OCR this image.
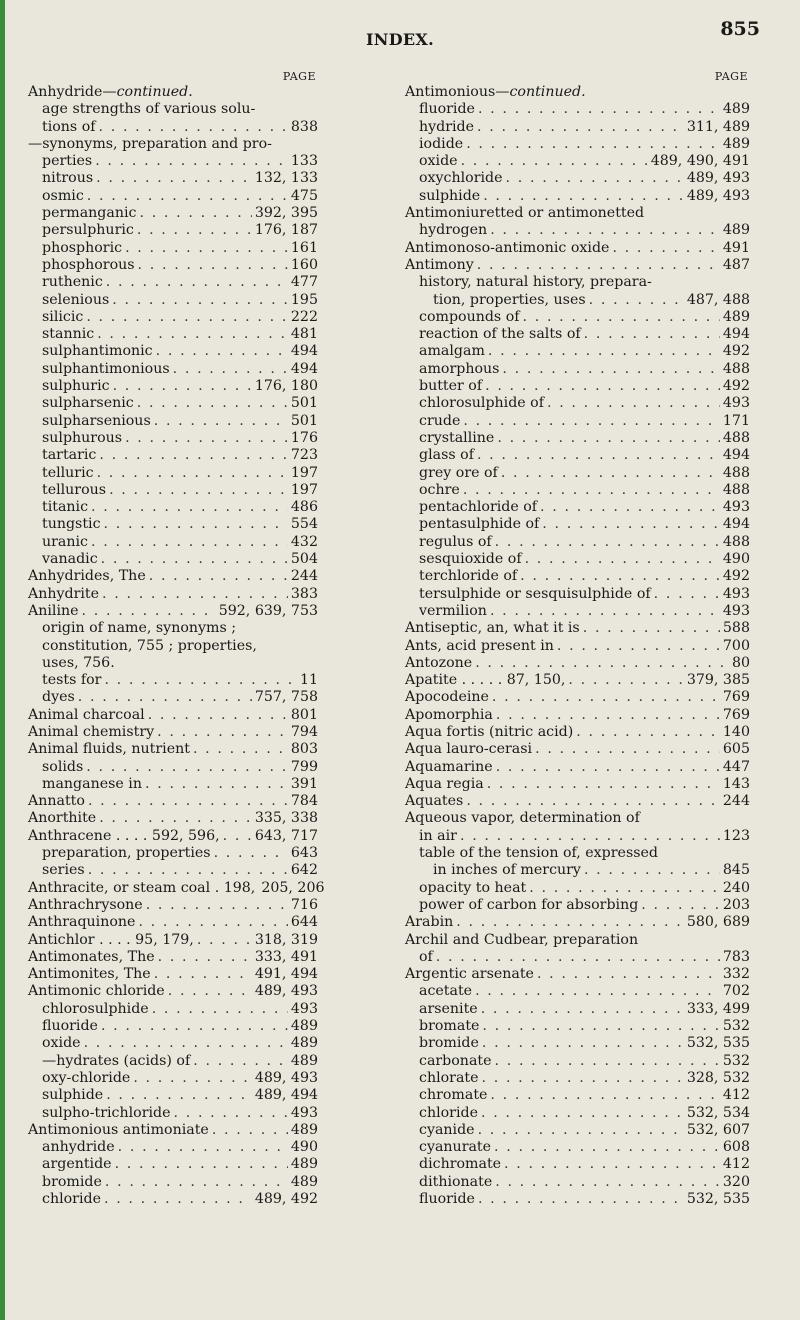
855
INDEX.
PAGE
Anhydride—continued.
age strengths of various solu-
tions of . . .	838
—synonyms, preparation and pro-
perties . . .	133
nitrous . . .	132, 133
osmic . . .	475
permanganic . . .	392, 395
persulphuric . . .	176, 187
phosphoric . . .	161
phosphorous . . .	160
ruthenic . . .	477
selenious . . .	195
silicic . . .	222
stannic . . .	481
sulphantimonic . . .	494
sulphantimonious . . .	494
sulphuric . . .	176, 180
sulpharsenic . . .	501
sulpharsenious . . .	501
sulphurous . . .	176
tartaric . . .	723
telluric . . .	197
tellurous . . .	197
titanic . . .	486
tungstic . . .	554
uranic . . .	432
vanadic . . .	504
Anhydrides, The . . .	244
Anhydrite . . .	383
Aniline . . .	592, 639, 753
origin of name, synonyms ;
constitution, 755 ; properties,
uses, 756.
tests for . . .	11
dyes . . .	757, 758
Animal charcoal . . .	801
Animal chemistry . . .	794
Animal fluids, nutrient . . .	803
solids . . .	799
manganese in . . .	391
Annatto . . .	784
Anorthite . . .	335, 338
Anthracene . . . . 592, 596, . . . 643, 717
preparation, properties . . .	643
series . . .	642
Anthracite, or steam coal . 198, 205, 206
Anthrachrysone . . .	716
Anthraquinone . . .	644
Antichlor . . . . 95, 179, . . .	318, 319
Antimonates, The . . .	333, 491
Antimonites, The . . .	491, 494
Antimonic chloride . . .	489, 493
chlorosulphide . . .	493
fluoride . . .	489
oxide . . .	489
—hydrates (acids) of . . .	489
oxy-chloride . . .	489, 493
sulphide . . .	489, 494
sulpho-trichloride . . .	493
Antimonious antimoniate . . .	489
anhydride . . .	490
argentide . . .	489
bromide . . .	489
chloride . . .	489, 492
PAGE
Antimonious—continued.
fluoride . . .	489
hydride . . .	311, 489
iodide . . .	489
oxide . . .	489, 490, 491
oxychloride . . .	489, 493
sulphide . . .	489, 493
Antimoniuretted or antimonetted
hydrogen . . .	489
Antimonoso-antimonic oxide . . .	491
Antimony . . .	487
history, natural history, prepara-
tion, properties, uses . . .	487, 488
compounds of . . .	489
reaction of the salts of . . .	494
amalgam . . .	492
amorphous . . .	488
butter of . . .	492
chlorosulphide of . . .	493
crude . . .	171
crystalline . . .	488
glass of . . .	494
grey ore of . . .	488
ochre . . .	488
pentachloride of . . .	493
pentasulphide of . . .	494
regulus of . . .	488
sesquioxide of . . .	490
terchloride of . . .	492
tersulphide or sesquisulphide of . . .	493
vermilion . . .	493
Antiseptic, an, what it is . . .	588
Ants, acid present in . . .	700
Antozone . . .	80
Apatite . . . . . 87, 150, . . .	379, 385
Apocodeine . . .	769
Apomorphia . . .	769
Aqua fortis (nitric acid) . . .	140
Aqua lauro-cerasi . . .	605
Aquamarine . . .	447
Aqua regia . . .	143
Aquates . . .	244
Aqueous vapor, determination of
in air . . .	123
table of the tension of, expressed
in inches of mercury . . .	845
opacity to heat . . .	240
power of carbon for absorbing . . .	203
Arabin . . .	580, 689
Archil and Cudbear, preparation
of . . .	783
Argentic arsenate . . .	332
acetate . . .	702
arsenite . . .	333, 499
bromate . . .	532
bromide . . .	532, 535
carbonate . . .	532
chlorate . . .	328, 532
chromate . . .	412
chloride . . .	532, 534
cyanide . . .	532, 607
cyanurate . . .	608
dichromate . . .	412
dithionate . . .	320
fluoride . . .	532, 535
